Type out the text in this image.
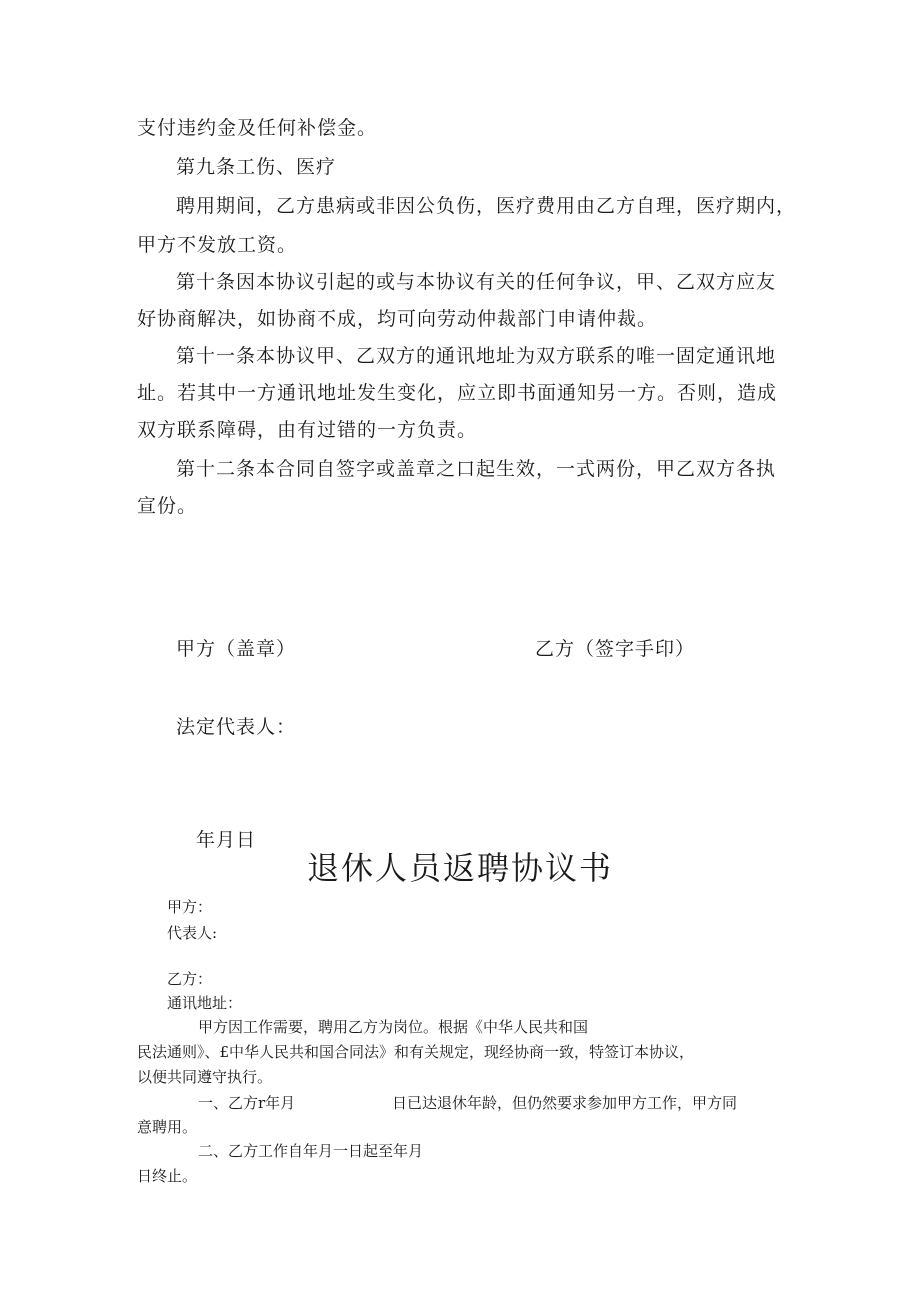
支付违约金及任何补偿金。
第九条工伤、医疗
聘用期间，乙方患病或非因公负伤，医疗费用由乙方自理，医疗期内，
甲方不发放工资。
第十条因本协议引起的或与本协议有关的任何争议，甲、乙双方应友
好协商解决，如协商不成，均可向劳动仲裁部门申请仲裁。
第十一条本协议甲、乙双方的通讯地址为双方联系的唯一固定通讯地
址。若其中一方通讯地址发生变化，应立即书面通知另一方。否则，造成
双方联系障碍，由有过错的一方负责。
第十二条本合同自签字或盖章之口起生效，一式两份，甲乙双方各执
宣份。
甲方（盖章）	乙方（签字手印）
法定代表人：
年月日
退休人员返聘协议书
甲方：
代表人:
乙方：
通讯地址：
甲方因工作需要，聘用乙方为岗位。根据《中华人民共和国
民法通则》、£中华人民共和国合同法》和有关规定，现经协商一致，特签订本协议，
以便共同遵守执行。
一、乙方r年月	日已达退休年龄，但仍然要求参加甲方工作，甲方同
意聘用。
二、乙方工作自年月一日起至年月
日终止。
